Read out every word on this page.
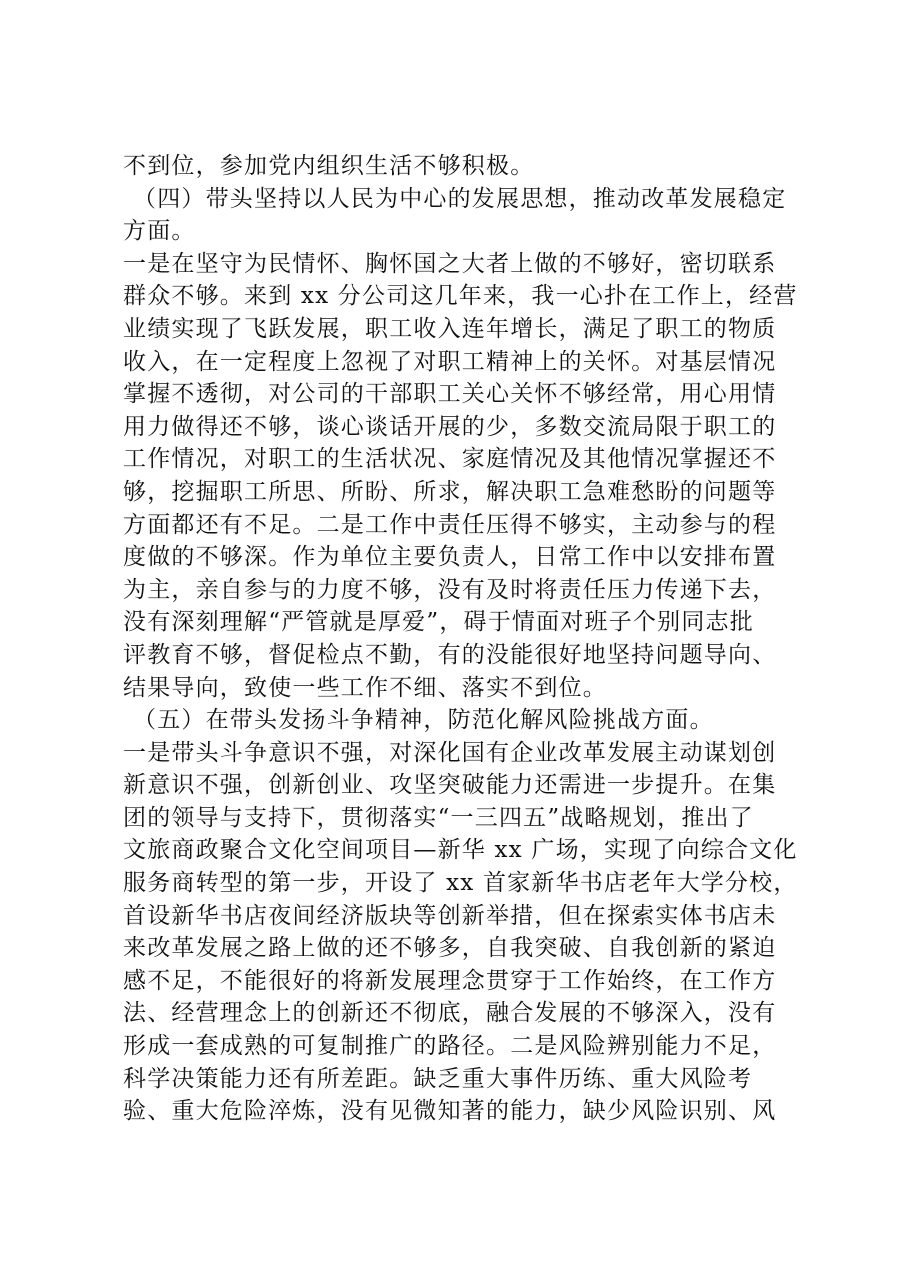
不到位，参加党内组织生活不够积极。
（四）带头坚持以人民为中心的发展思想，推动改革发展稳定
方面。
一是在坚守为民情怀、胸怀国之大者上做的不够好，密切联系
群众不够。来到 xx 分公司这几年来，我一心扑在工作上，经营
业绩实现了飞跃发展，职工收入连年增长，满足了职工的物质
收入，在一定程度上忽视了对职工精神上的关怀。对基层情况
掌握不透彻，对公司的干部职工关心关怀不够经常，用心用情
用力做得还不够，谈心谈话开展的少，多数交流局限于职工的
工作情况，对职工的生活状况、家庭情况及其他情况掌握还不
够，挖掘职工所思、所盼、所求，解决职工急难愁盼的问题等
方面都还有不足。二是工作中责任压得不够实，主动参与的程
度做的不够深。作为单位主要负责人，日常工作中以安排布置
为主，亲自参与的力度不够，没有及时将责任压力传递下去，
没有深刻理解“严管就是厚爱”，碍于情面对班子个别同志批
评教育不够，督促检点不勤，有的没能很好地坚持问题导向、
结果导向，致使一些工作不细、落实不到位。
（五）在带头发扬斗争精神，防范化解风险挑战方面。
一是带头斗争意识不强，对深化国有企业改革发展主动谋划创
新意识不强，创新创业、攻坚突破能力还需进一步提升。在集
团的领导与支持下，贯彻落实“一三四五”战略规划，推出了
文旅商政聚合文化空间项目—新华 xx 广场，实现了向综合文化
服务商转型的第一步，开设了 xx 首家新华书店老年大学分校，
首设新华书店夜间经济版块等创新举措，但在探索实体书店未
来改革发展之路上做的还不够多，自我突破、自我创新的紧迫
感不足，不能很好的将新发展理念贯穿于工作始终，在工作方
法、经营理念上的创新还不彻底，融合发展的不够深入，没有
形成一套成熟的可复制推广的路径。二是风险辨别能力不足，
科学决策能力还有所差距。缺乏重大事件历练、重大风险考
验、重大危险淬炼，没有见微知著的能力，缺少风险识别、风
